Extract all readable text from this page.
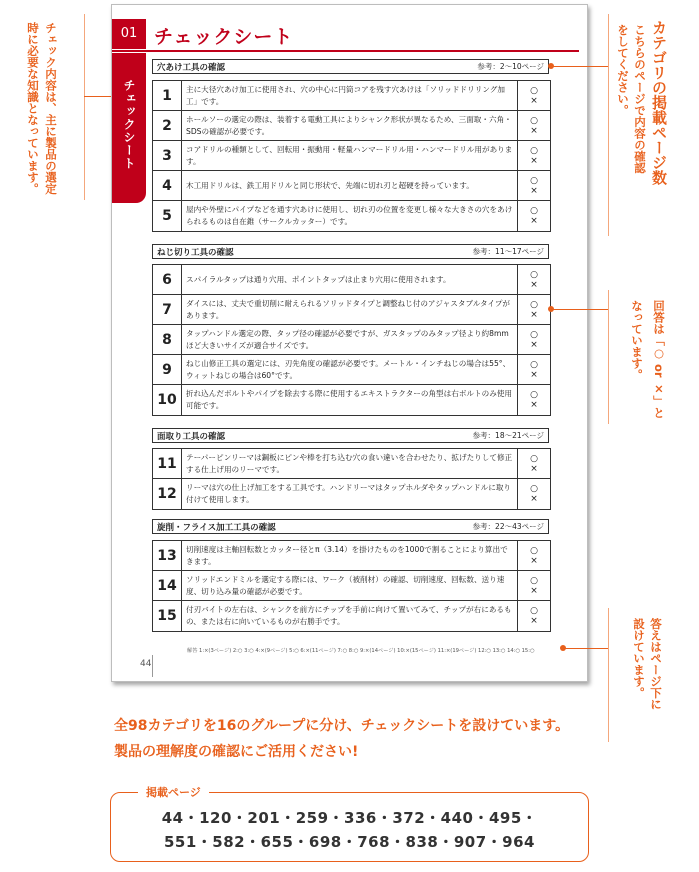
チェック内容は、主に製品の選定時に必要な知識となっています。	01 チェックシート
チェックシート
穴あけ工具の確認	参考：2～10ページ
1	主に大径穴あけ加工に使用され、穴の中心に円筒コアを残す穴あけは「ソリッドドリリング加工」です。
○
×
2	ホールソーの選定の際は、装着する電動工具によりシャンク形状が異なるため、三面取・六角・SDSの確認が必要です。
○
×
3	コアドリルの種類として、回転用・振動用・軽量ハンマードリル用・ハンマードリル用があります。
○
×
4	木工用ドリルは、鉄工用ドリルと同じ形状で、先端に切れ刃と超硬を持っています。	○
×
5	屋内や外壁にパイプなどを通す穴あけに使用し、切れ刃の位置を変更し様々な大きさの穴をあけられるものは自在錐（サークルカッター）です。
○
×
ねじ切り工具の確認	参考：11～17ページ
6	スパイラルタップは通り穴用、ポイントタップは止まり穴用に使用されます。	○
×
7	ダイスには、丈夫で重切削に耐えられるソリッドタイプと調整ねじ付のアジャスタブルタイプがあります。
○
×
8	タップハンドル選定の際、タップ径の確認が必要ですが、ガスタップのみタップ径より約8mmほど大きいサイズが適合サイズです。
○
×
9	ねじ山修正工具の選定には、刃先角度の確認が必要です。メートル・インチねじの場合は55°、ウィットねじの場合は60°です。
○
×
10	折れ込んだボルトやパイプを除去する際に使用するエキストラクターの角型は右ボルトのみ使用可能です。
○
×
面取り工具の確認	参考：18～21ページ
11	テーパーピンリーマは鋼板にピンや棒を打ち込む穴の食い違いを合わせたり、拡げたりして修正する仕上げ用のリーマです。
○
×
12	リーマは穴の仕上げ加工をする工具です。ハンドリーマはタップホルダやタップハンドルに取り付けて使用します。
○
×
旋削・フライス加工工具の確認	参考：22～43ページ
13	切削速度は主軸回転数とカッター径とπ（3.14）を掛けたものを1000で割ることにより算出できます。
○
×
14	ソリッドエンドミルを選定する際には、ワーク（被削材）の確認、切削速度、回転数、送り速度、切り込み量の確認が必要です。
○
×
15	付刃バイトの左右は、シャンクを前方にチップを手前に向けて置いてみて、チップが右にあるもの、または右に向いているものが右勝手です。
○
×
解答 1:×(3ページ) 2:○ 3:○ 4:×(9ページ) 5:○ 6:×(11ページ) 7:○ 8:○ 9:×(14ページ) 10:×(15ページ) 11:×(19ページ) 12:○ 13:○ 14:○ 15:○
44
カテゴリの掲載ページ数
こちらのページで内容の確認をしてください。
回答は「○ or ×」と
なっています。
答えはページ下に設けています。
全98カテゴリを16のグループに分け、チェックシートを設けています。
製品の理解度の確認にご活用ください!
44・120・201・259・336・372・440・495・
551・582・655・698・768・838・907・964
掲載ページ
